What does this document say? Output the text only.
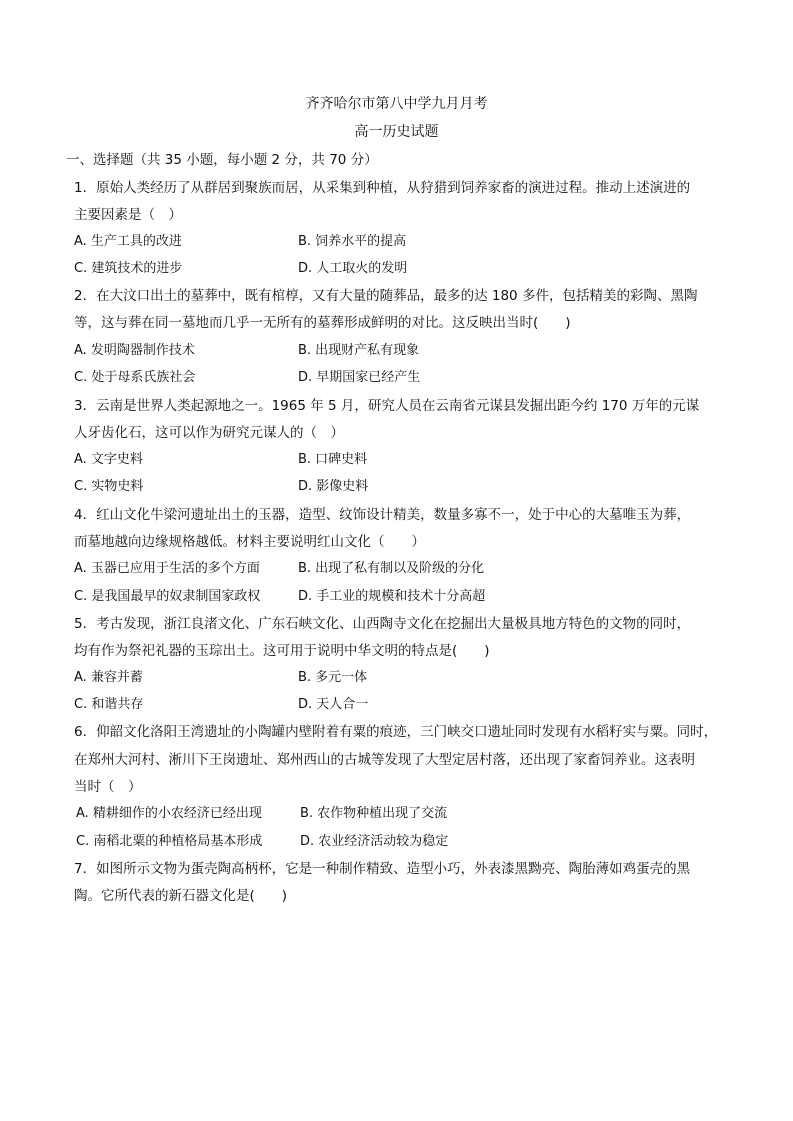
齐齐哈尔市第八中学九月月考
高一历史试题
一、选择题（共 35 小题，每小题 2 分，共 70 分）
1．原始人类经历了从群居到聚族而居，从采集到种植，从狩猎到饲养家畜的演进过程。推动上述演进的
主要因素是（　）
A. 生产工具的改进	B. 饲养水平的提高
C. 建筑技术的进步	D. 人工取火的发明
2．在大汶口出土的墓葬中，既有棺椁，又有大量的随葬品，最多的达 180 多件，包括精美的彩陶、黑陶
等，这与葬在同一墓地而几乎一无所有的墓葬形成鲜明的对比。这反映出当时(　　)
A. 发明陶器制作技术	B. 出现财产私有现象
C. 处于母系氏族社会	D. 早期国家已经产生
3．云南是世界人类起源地之一。1965 年 5 月，研究人员在云南省元谋县发掘出距今约 170 万年的元谋
人牙齿化石，这可以作为研究元谋人的（　）
A. 文字史料	B. 口碑史料
C. 实物史料	D. 影像史料
4．红山文化牛梁河遗址出土的玉器，造型、纹饰设计精美，数量多寡不一，处于中心的大墓唯玉为葬，
而墓地越向边缘规格越低。材料主要说明红山文化（　　）
A. 玉器已应用于生活的多个方面	B. 出现了私有制以及阶级的分化
C. 是我国最早的奴隶制国家政权	D. 手工业的规模和技术十分高超
5．考古发现，浙江良渚文化、广东石峡文化、山西陶寺文化在挖掘出大量极具地方特色的文物的同时，
均有作为祭祀礼器的玉琮出土。这可用于说明中华文明的特点是(　　)
A. 兼容并蓄	B. 多元一体
C. 和谐共存	D. 天人合一
6．仰韶文化洛阳王湾遗址的小陶罐内壁附着有粟的痕迹，三门峡交口遗址同时发现有水稻籽实与粟。同时，
在郑州大河村、淅川下王岗遗址、郑州西山的古城等发现了大型定居村落，还出现了家畜饲养业。这表明
当时（　）
A. 精耕细作的小农经济已经出现	B. 农作物种植出现了交流
C. 南稻北粟的种植格局基本形成	D. 农业经济活动较为稳定
7．如图所示文物为蛋壳陶高柄杯，它是一种制作精致、造型小巧，外表漆黑黝亮、陶胎薄如鸡蛋壳的黑
陶。它所代表的新石器文化是(　　)
